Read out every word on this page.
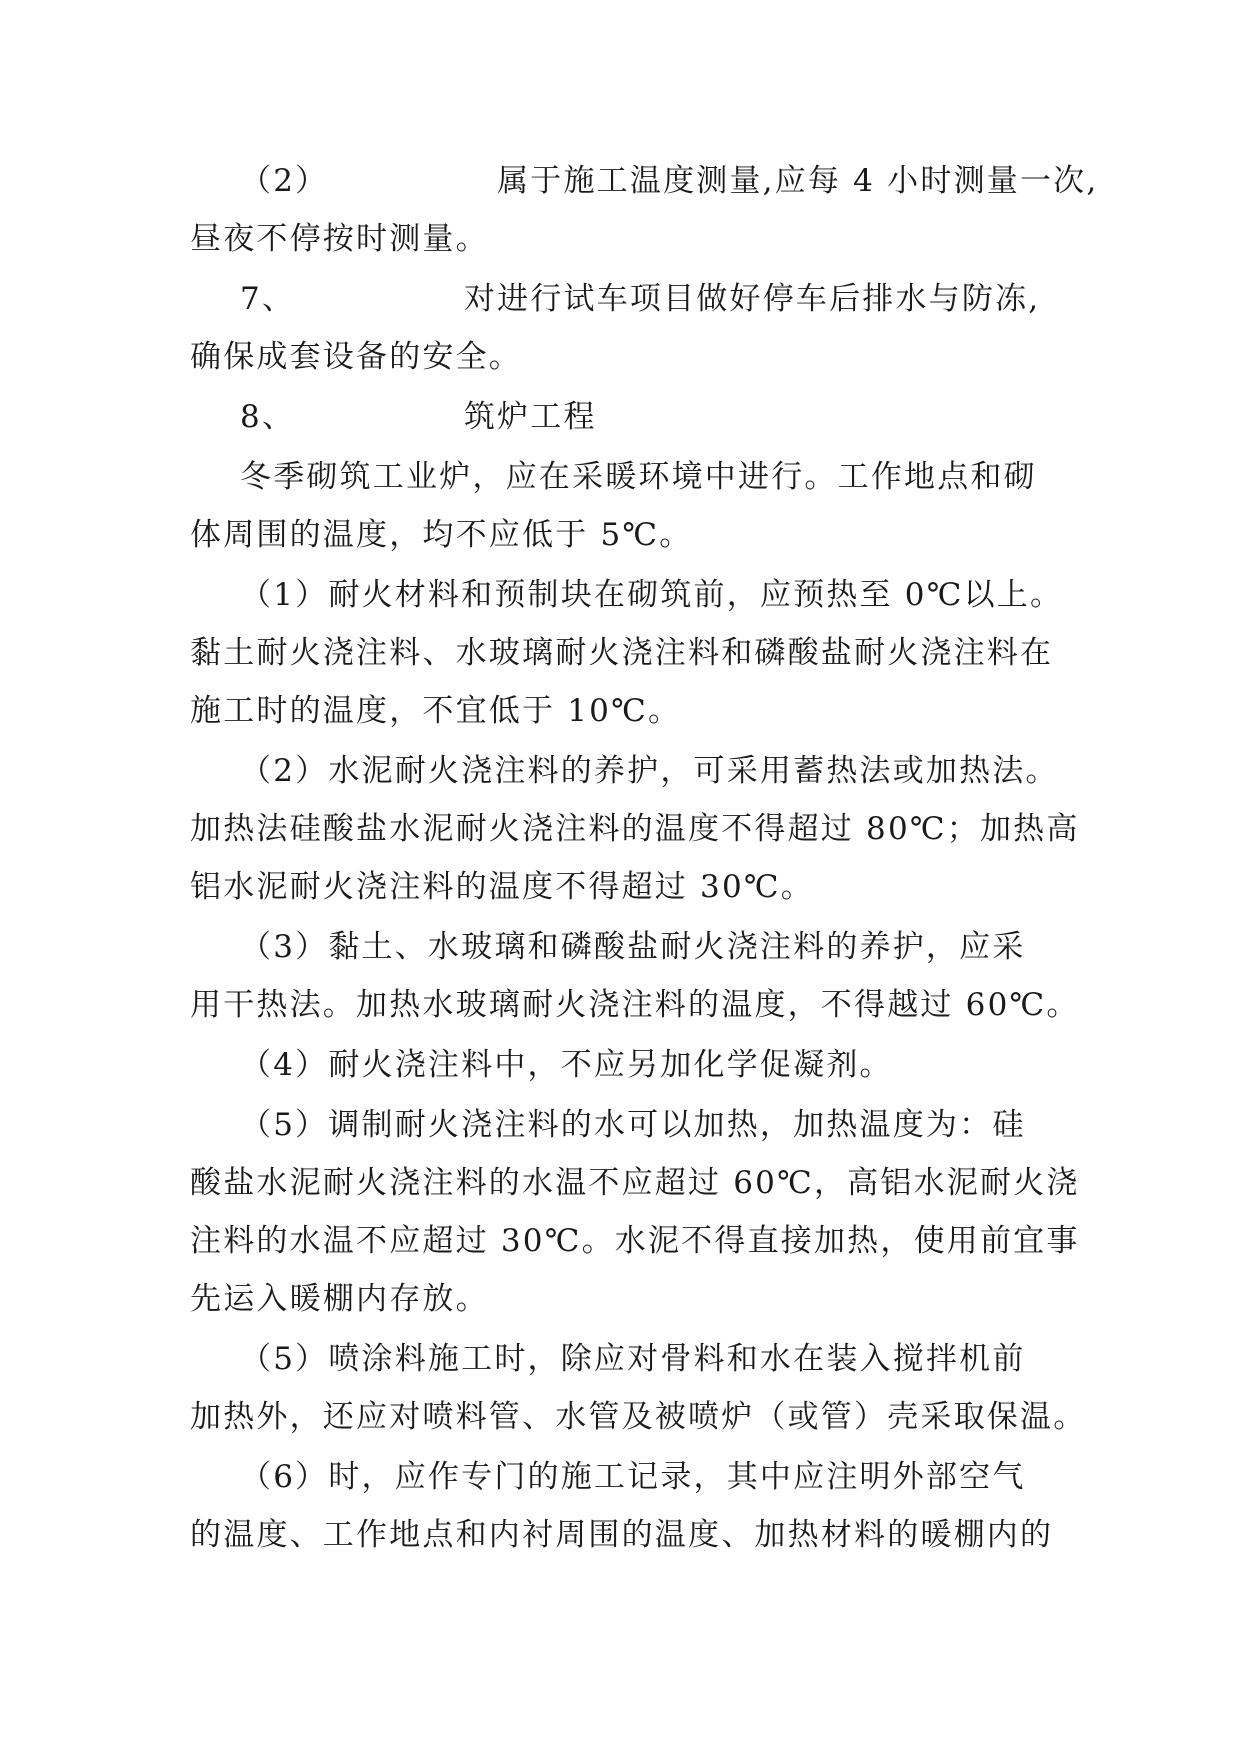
（2）              属于施工温度测量,应每 4 小时测量一次,

昼夜不停按时测量。

7、              对进行试车项目做好停车后排水与防冻,

确保成套设备的安全。

8、              筑炉工程

冬季砌筑工业炉，应在采暖环境中进行。工作地点和砌

体周围的温度，均不应低于 5℃。

（1）耐火材料和预制块在砌筑前，应预热至 0℃以上。

黏土耐火浇注料、水玻璃耐火浇注料和磷酸盐耐火浇注料在

施工时的温度，不宜低于 10℃。

（2）水泥耐火浇注料的养护，可采用蓄热法或加热法。

加热法硅酸盐水泥耐火浇注料的温度不得超过 80℃；加热高

铝水泥耐火浇注料的温度不得超过 30℃。

（3）黏土、水玻璃和磷酸盐耐火浇注料的养护，应采

用干热法。加热水玻璃耐火浇注料的温度，不得越过 60℃。

（4）耐火浇注料中，不应另加化学促凝剂。

（5）调制耐火浇注料的水可以加热，加热温度为：硅

酸盐水泥耐火浇注料的水温不应超过 60℃，高铝水泥耐火浇

注料的水温不应超过 30℃。水泥不得直接加热，使用前宜事

先运入暖棚内存放。

（5）喷涂料施工时，除应对骨料和水在装入搅拌机前

加热外，还应对喷料管、水管及被喷炉（或管）壳采取保温。

（6）时，应作专门的施工记录，其中应注明外部空气

的温度、工作地点和内衬周围的温度、加热材料的暖棚内的
